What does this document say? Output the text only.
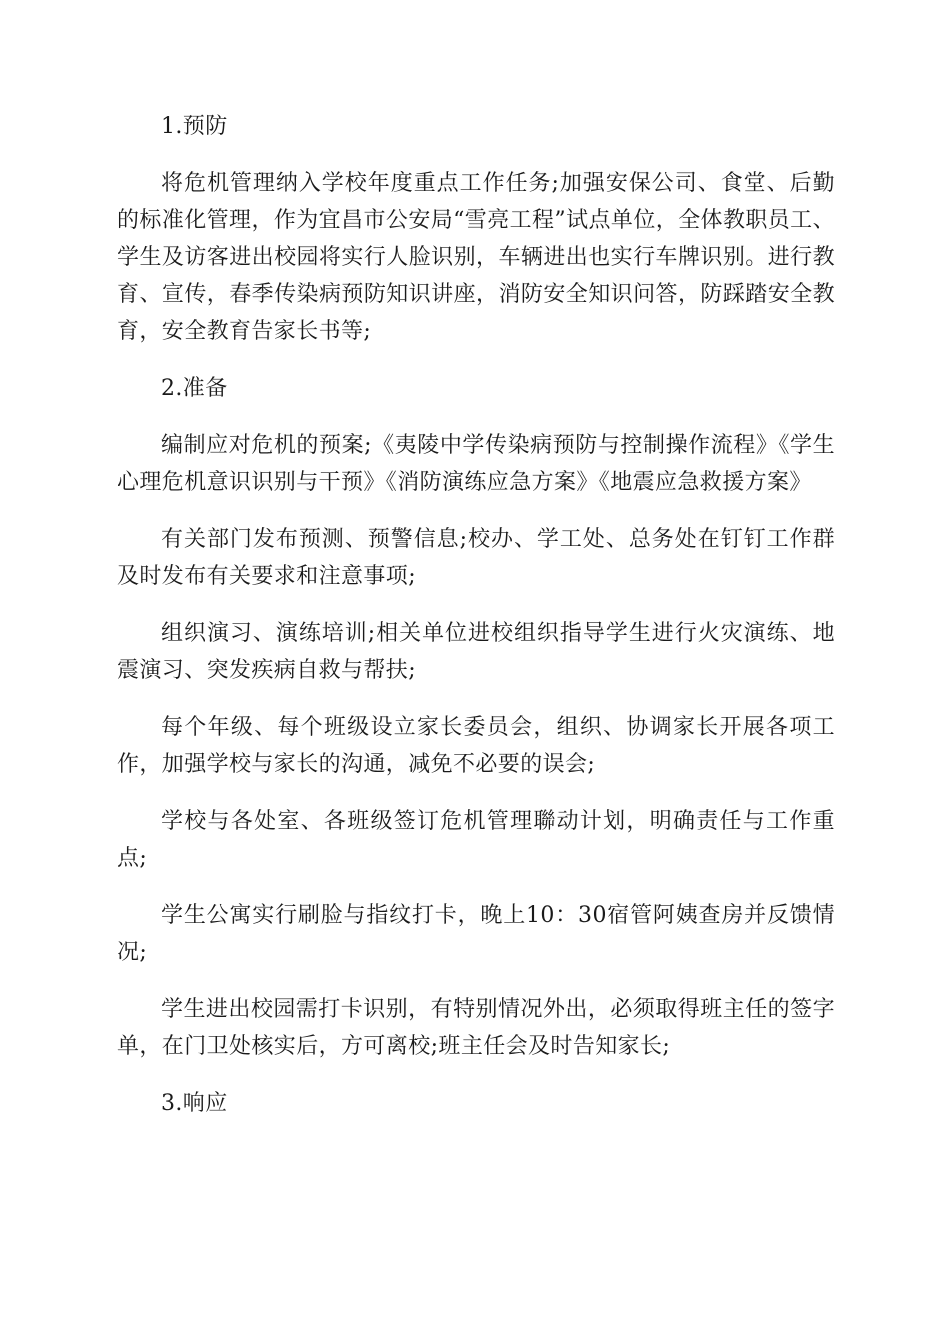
1.预防

将危机管理纳入学校年度重点工作任务;加强安保公司、食堂、后勤的标准化管理，作为宜昌市公安局“雪亮工程”试点单位，全体教职员工、学生及访客进出校园将实行人脸识别，车辆进出也实行车牌识别。进行教育、宣传，春季传染病预防知识讲座，消防安全知识问答，防踩踏安全教育，安全教育告家长书等;

2.准备

编制应对危机的预案;《夷陵中学传染病预防与控制操作流程》《学生心理危机意识识别与干预》《消防演练应急方案》《地震应急救援方案》

有关部门发布预测、预警信息;校办、学工处、总务处在钉钉工作群及时发布有关要求和注意事项;

组织演习、演练培训;相关单位进校组织指导学生进行火灾演练、地震演习、突发疾病自救与帮扶;

每个年级、每个班级设立家长委员会，组织、协调家长开展各项工作，加强学校与家长的沟通，减免不必要的误会;

学校与各处室、各班级签订危机管理聯动计划，明确责任与工作重点;

学生公寓实行刷脸与指纹打卡，晚上10：30宿管阿姨查房并反馈情况;

学生进出校园需打卡识别，有特别情况外出，必须取得班主任的签字单，在门卫处核实后，方可离校;班主任会及时告知家长;

3.响应
